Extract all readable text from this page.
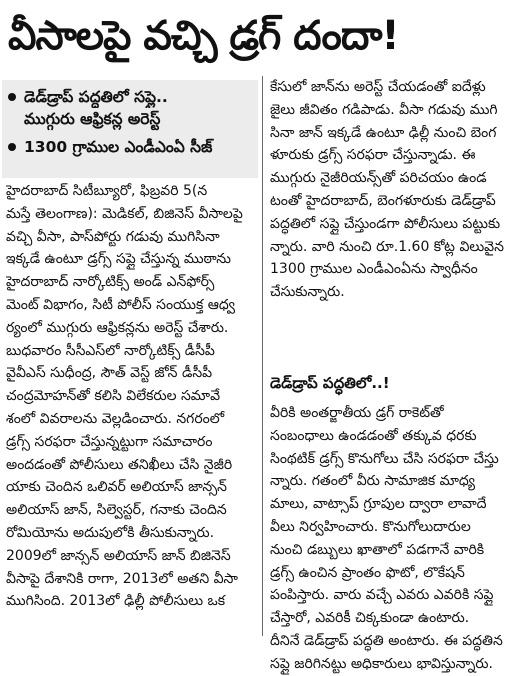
వీసాలపై వచ్చి డ్రగ్ దందా!
డెడ్‌డ్రాప్ పద్ధతిలో సప్లై..
ముగ్గురు ఆఫ్రికన్ల అరెస్ట్
1300 గ్రాముల ఎండీఎంఏ సీజ్
హైదరాబాద్ సిటీబ్యూరో, ఫిబ్రవరి 5(న
మస్తే తెలంగాణ): మెడికల్, బిజినెస్ వీసాలపై
వచ్చి వీసా, పాస్‌పోర్టు గడువు ముగిసినా
ఇక్కడే ఉంటూ డ్రగ్స్ సప్లై చేస్తున్న ముఠాను
హైదరాబాద్ నార్కోటిక్స్ అండ్ ఎన్‌ఫోర్స్
మెంట్ విభాగం, సిటీ పోలీస్ సంయుక్త ఆధ్వ
ర్యంలో ముగ్గురు ఆఫ్రికన్లను అరెస్ట్ చేశారు.
బుధవారం సీసీఎస్‌లో నార్కోటిక్స్ డీసీపీ
వైవీఎస్ సుధీంద్ర, సౌత్ వెస్ట్ జోన్ డీసీపీ
చంద్రమోహన్‌తో కలిసి విలేకరుల సమావే
శంలో వివరాలను వెల్లడించారు. నగరంలో
డ్రగ్స్ సరఫరా చేస్తున్నట్టుగా సమాచారం
అందడంతో పోలీసులు తనిఖీలు చేసి నైజీరి
యాకు చెందిన ఒలివర్ అలియాస్ జాన్సన్
అలియాస్ జాన్, సిల్వెస్టర్, గనాకు చెందిన
రోమియోను అదుపులోకి తీసుకున్నారు.
2009లో జాన్సన్ అలియాస్ జాన్ బిజినెస్
వీసాపై దేశానికి రాగా, 2013లో అతని వీసా
ముగిసింది. 2013లో ఢిల్లీ పోలీసులు ఒక
కేసులో జాన్‌ను అరెస్ట్ చేయడంతో ఐదేళ్లు
జైలు జీవితం గడిపాడు. వీసా గడువు ముగి
సినా జాన్ ఇక్కడే ఉంటూ ఢిల్లీ నుంచి బెంగ
ళూరుకు డ్రగ్స్ సరఫరా చేస్తున్నాడు. ఈ
ముగ్గురు నైజీరియన్స్‌తో పరిచయం ఉండ
టంతో హైదరాబాద్, బెంగళూరుకు డెడ్‌డ్రాప్
పద్ధతిలో సప్లై చేస్తుండగా పోలీసులు పట్టుకు
న్నారు. వారి నుంచి రూ.1.60 కోట్ల విలువైన
1300 గ్రాముల ఎండీఎంఏను స్వాధీనం
చేసుకున్నారు.
డెడ్‌డ్రాప్ పద్ధతిలో..!
వీరికి అంతర్జాతీయ డ్రగ్ రాకెట్‌తో
సంబంధాలు ఉండడంతో తక్కువ ధరకు
సింథటిక్ డ్రగ్స్ కొనుగోలు చేసి సరఫరా చేస్తు
న్నారు. గతంలో వీరు సామాజిక మాధ్య
మాలు, వాట్సాప్ గ్రూపుల ద్వారా లావాదే
వీలు నిర్వహించారు. కొనుగోలుదారుల
నుంచి డబ్బులు ఖాతాలో పడగానే వారికి
డ్రగ్స్ ఉంచిన ప్రాంతం ఫొటో, లొకేషన్
పంపిస్తారు. వారు వచ్చే ఎవరు ఎవరికి సప్లై
చేస్తారో, ఎవరికీ చిక్కకుండా ఉంటారు.
దీనినే డెడ్‌డ్రాప్ పద్ధతి అంటారు. ఈ పద్ధతిన
సప్లై జరిగినట్టు అధికారులు భావిస్తున్నారు.
